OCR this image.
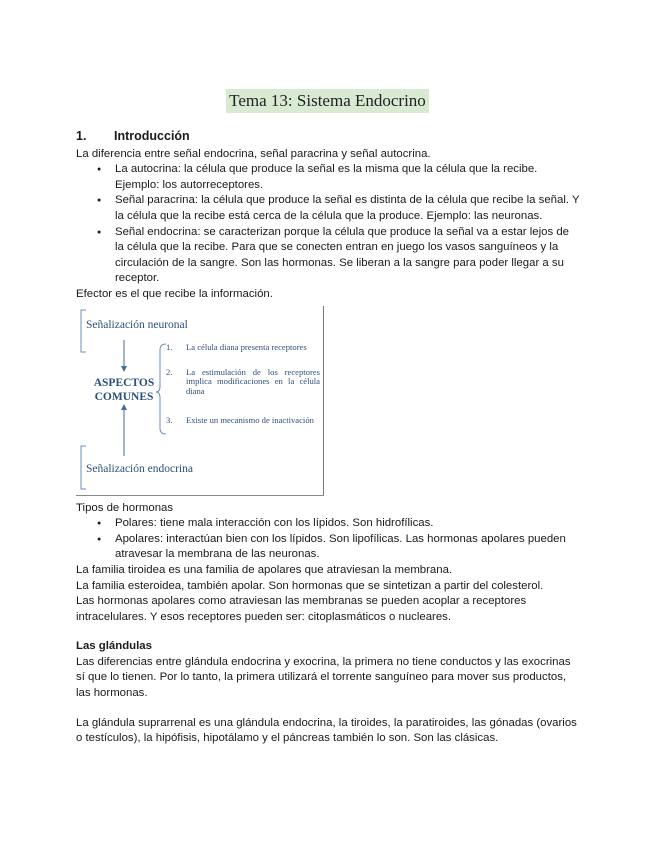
Tema 13: Sistema Endocrino
1. Introducción

La diferencia entre señal endocrina, señal paracrina y señal autocrina.

● La autocrina: la célula que produce la señal es la misma que la célula que la recibe. Ejemplo: los autorreceptores.
● Señal paracrina: la célula que produce la señal es distinta de la célula que recibe la señal. Y la célula que la recibe está cerca de la célula que la produce. Ejemplo: las neuronas.
● Señal endocrina: se caracterizan porque la célula que produce la señal va a estar lejos de la célula que la recibe. Para que se conecten entran en juego los vasos sanguíneos y la circulación de la sangre. Son las hormonas. Se liberan a la sangre para poder llegar a su receptor.

Efector es el que recibe la información.

Señalización neuronal
ASPECTOS
COMUNES
1. La célula diana presenta receptores
2. La estimulación de los receptores implica modificaciones en la célula diana
3. Existe un mecanismo de inactivación
Señalización endocrina

Tipos de hormonas

● Polares: tiene mala interacción con los lípidos. Son hidrofílicas.
● Apolares: interactúan bien con los lípidos. Son lipofílicas. Las hormonas apolares pueden atravesar la membrana de las neuronas.

La familia tiroidea es una familia de apolares que atraviesan la membrana.

La familia esteroidea, también apolar. Son hormonas que se sintetizan a partir del colesterol.

Las hormonas apolares como atraviesan las membranas se pueden acoplar a receptores intracelulares. Y esos receptores pueden ser: citoplasmáticos o nucleares.

Las glándulas

Las diferencias entre glándula endocrina y exocrina, la primera no tiene conductos y las exocrinas sí que lo tienen. Por lo tanto, la primera utilizará el torrente sanguíneo para mover sus productos, las hormonas.

La glándula suprarrenal es una glándula endocrina, la tiroides, la paratiroides, las gónadas (ovarios o testículos), la hipófisis, hipotálamo y el páncreas también lo son. Son las clásicas.
